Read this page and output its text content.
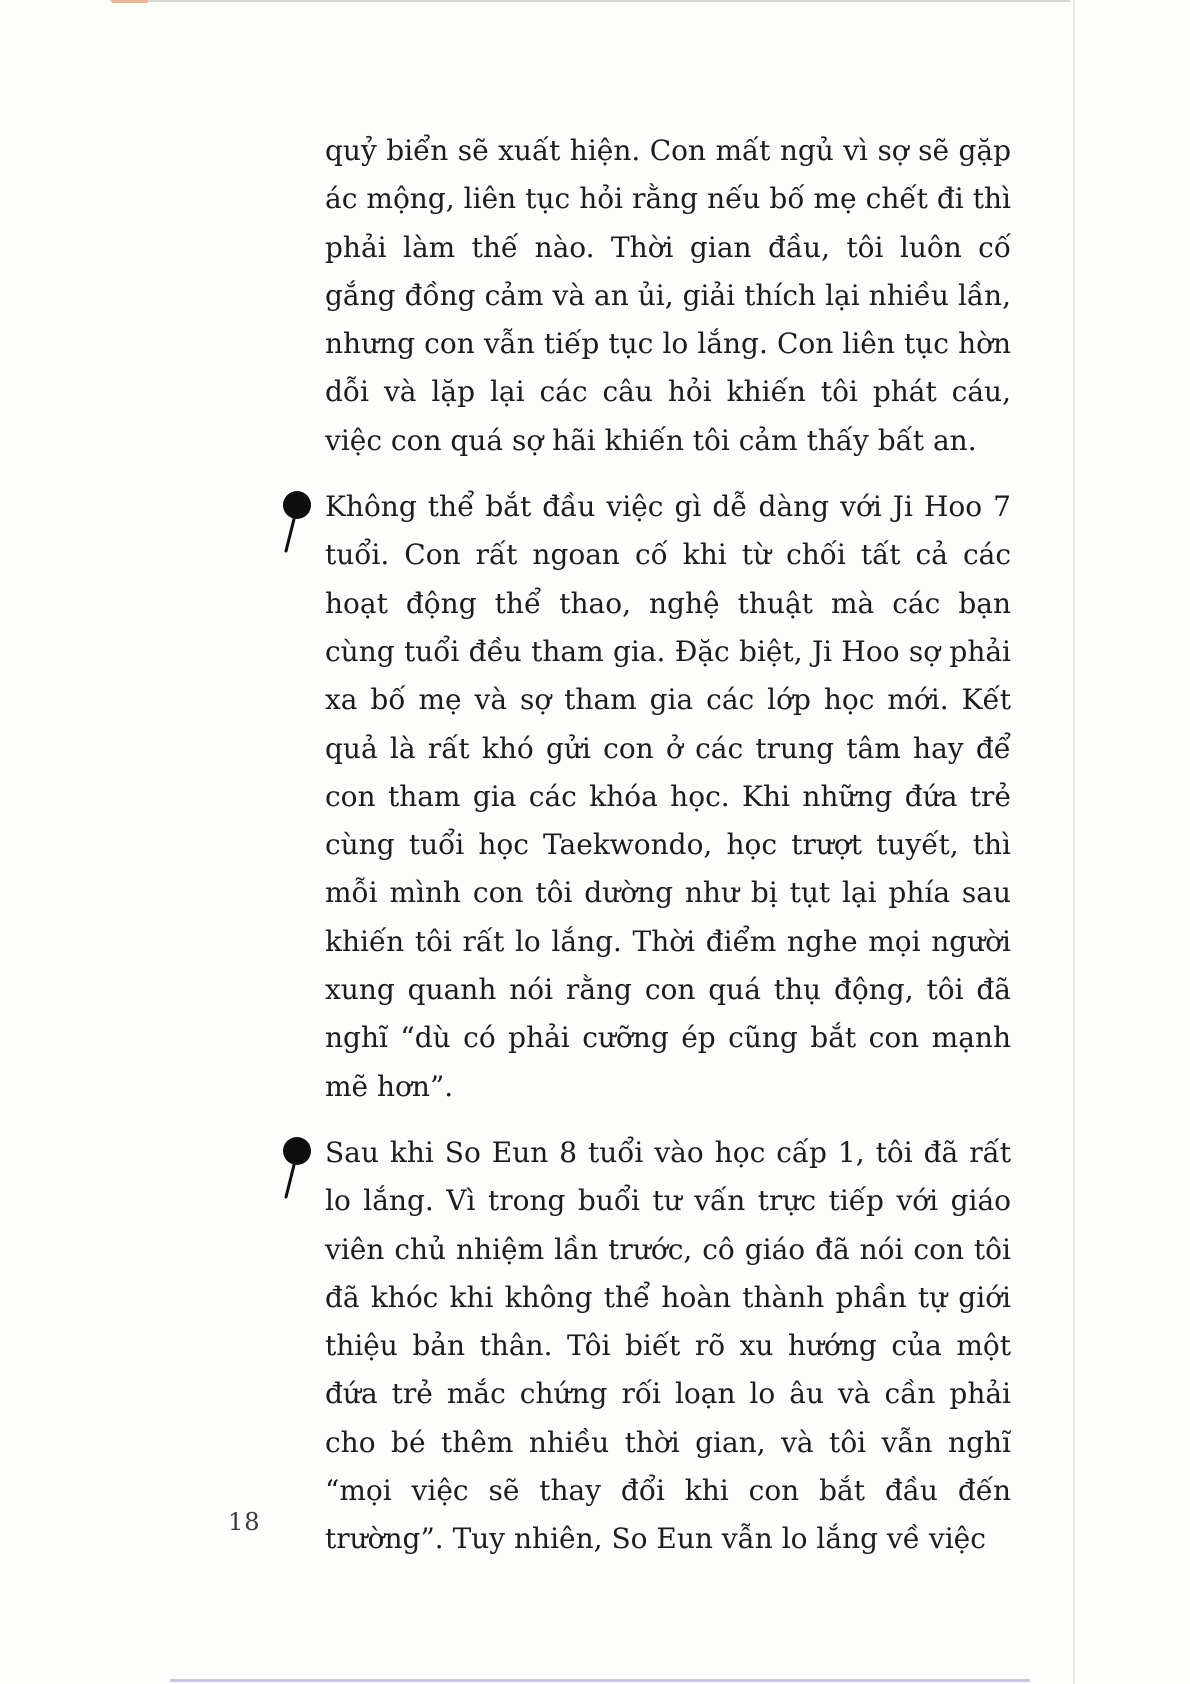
quỷ biển sẽ xuất hiện. Con mất ngủ vì sợ sẽ gặp ác mộng, liên tục hỏi rằng nếu bố mẹ chết đi thì phải làm thế nào. Thời gian đầu, tôi luôn cố gắng đồng cảm và an ủi, giải thích lại nhiều lần, nhưng con vẫn tiếp tục lo lắng. Con liên tục hờn dỗi và lặp lại các câu hỏi khiến tôi phát cáu, việc con quá sợ hãi khiến tôi cảm thấy bất an.

Không thể bắt đầu việc gì dễ dàng với Ji Hoo 7 tuổi. Con rất ngoan cố khi từ chối tất cả các hoạt động thể thao, nghệ thuật mà các bạn cùng tuổi đều tham gia. Đặc biệt, Ji Hoo sợ phải xa bố mẹ và sợ tham gia các lớp học mới. Kết quả là rất khó gửi con ở các trung tâm hay để con tham gia các khóa học. Khi những đứa trẻ cùng tuổi học Taekwondo, học trượt tuyết, thì mỗi mình con tôi dường như bị tụt lại phía sau khiến tôi rất lo lắng. Thời điểm nghe mọi người xung quanh nói rằng con quá thụ động, tôi đã nghĩ “dù có phải cưỡng ép cũng bắt con mạnh mẽ hơn”.

Sau khi So Eun 8 tuổi vào học cấp 1, tôi đã rất lo lắng. Vì trong buổi tư vấn trực tiếp với giáo viên chủ nhiệm lần trước, cô giáo đã nói con tôi đã khóc khi không thể hoàn thành phần tự giới thiệu bản thân. Tôi biết rõ xu hướng của một đứa trẻ mắc chứng rối loạn lo âu và cần phải cho bé thêm nhiều thời gian, và tôi vẫn nghĩ “mọi việc sẽ thay đổi khi con bắt đầu đến trường”. Tuy nhiên, So Eun vẫn lo lắng về việc

18
